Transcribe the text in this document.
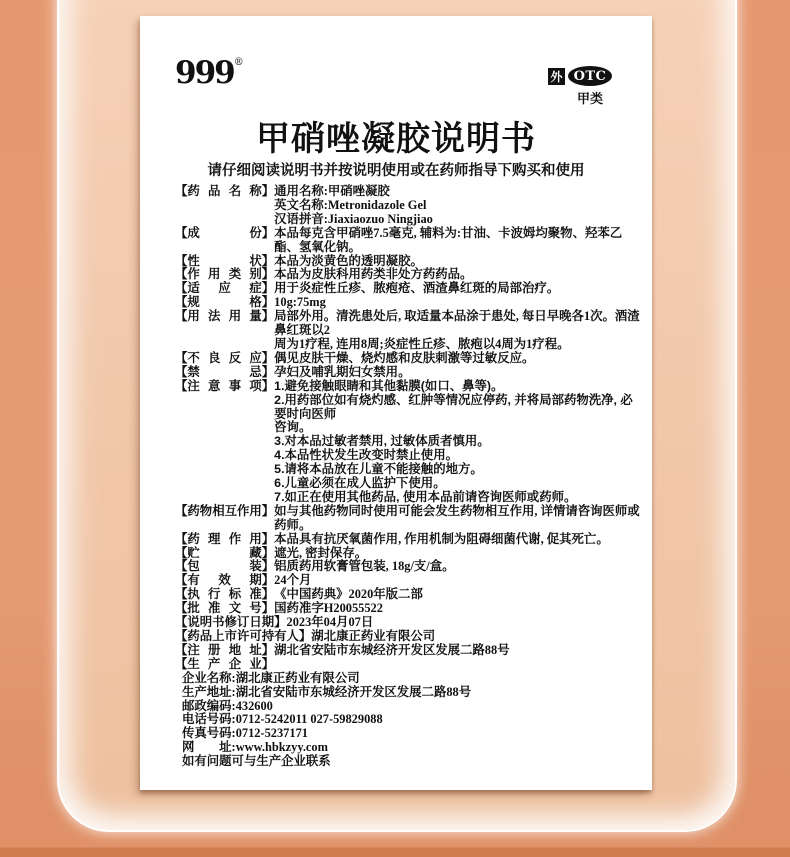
999®
外 OTC
甲类
甲硝唑凝胶说明书
请仔细阅读说明书并按说明使用或在药师指导下购买和使用
【药品名称】 通用名称:甲硝唑凝胶
英文名称:Metronidazole Gel
汉语拼音:Jiaxiaozuo Ningjiao
【成份】 本品每克含甲硝唑7.5毫克, 辅料为:甘油、卡波姆均聚物、羟苯乙酯、氢氧化钠。
【性状】 本品为淡黄色的透明凝胶。
【作用类别】 本品为皮肤科用药类非处方药药品。
【适应症】 用于炎症性丘疹、脓疱疮、酒渣鼻红斑的局部治疗。
【规格】 10g:75mg
【用法用量】 局部外用。清洗患处后, 取适量本品涂于患处, 每日早晚各1次。酒渣鼻红斑以2
周为1疗程, 连用8周;炎症性丘疹、脓疱以4周为1疗程。
【不良反应】 偶见皮肤干燥、烧灼感和皮肤刺激等过敏反应。
【禁忌】 孕妇及哺乳期妇女禁用。
【注意事项】 1.避免接触眼睛和其他黏膜(如口、鼻等)。
2.用药部位如有烧灼感、红肿等情况应停药, 并将局部药物洗净, 必要时向医师
咨询。
3.对本品过敏者禁用, 过敏体质者慎用。
4.本品性状发生改变时禁止使用。
5.请将本品放在儿童不能接触的地方。
6.儿童必须在成人监护下使用。
7.如正在使用其他药品, 使用本品前请咨询医师或药师。
【药物相互作用】 如与其他药物同时使用可能会发生药物相互作用, 详情请咨询医师或药师。
【药理作用】 本品具有抗厌氧菌作用, 作用机制为阻碍细菌代谢, 促其死亡。
【贮藏】 遮光, 密封保存。
【包装】 铝质药用软膏管包装, 18g/支/盒。
【有效期】 24个月
【执行标准】 《中国药典》2020年版二部
【批准文号】 国药准字H20055522
【说明书修订日期】 2023年04月07日
【药品上市许可持有人】 湖北康正药业有限公司
【注册地址】 湖北省安陆市东城经济开发区发展二路88号
【生产企业】
企业名称:湖北康正药业有限公司
生产地址:湖北省安陆市东城经济开发区发展二路88号
邮政编码:432600
电话号码:0712-5242011 027-59829088
传真号码:0712-5237171
网　　址:www.hbkzyy.com
如有问题可与生产企业联系
